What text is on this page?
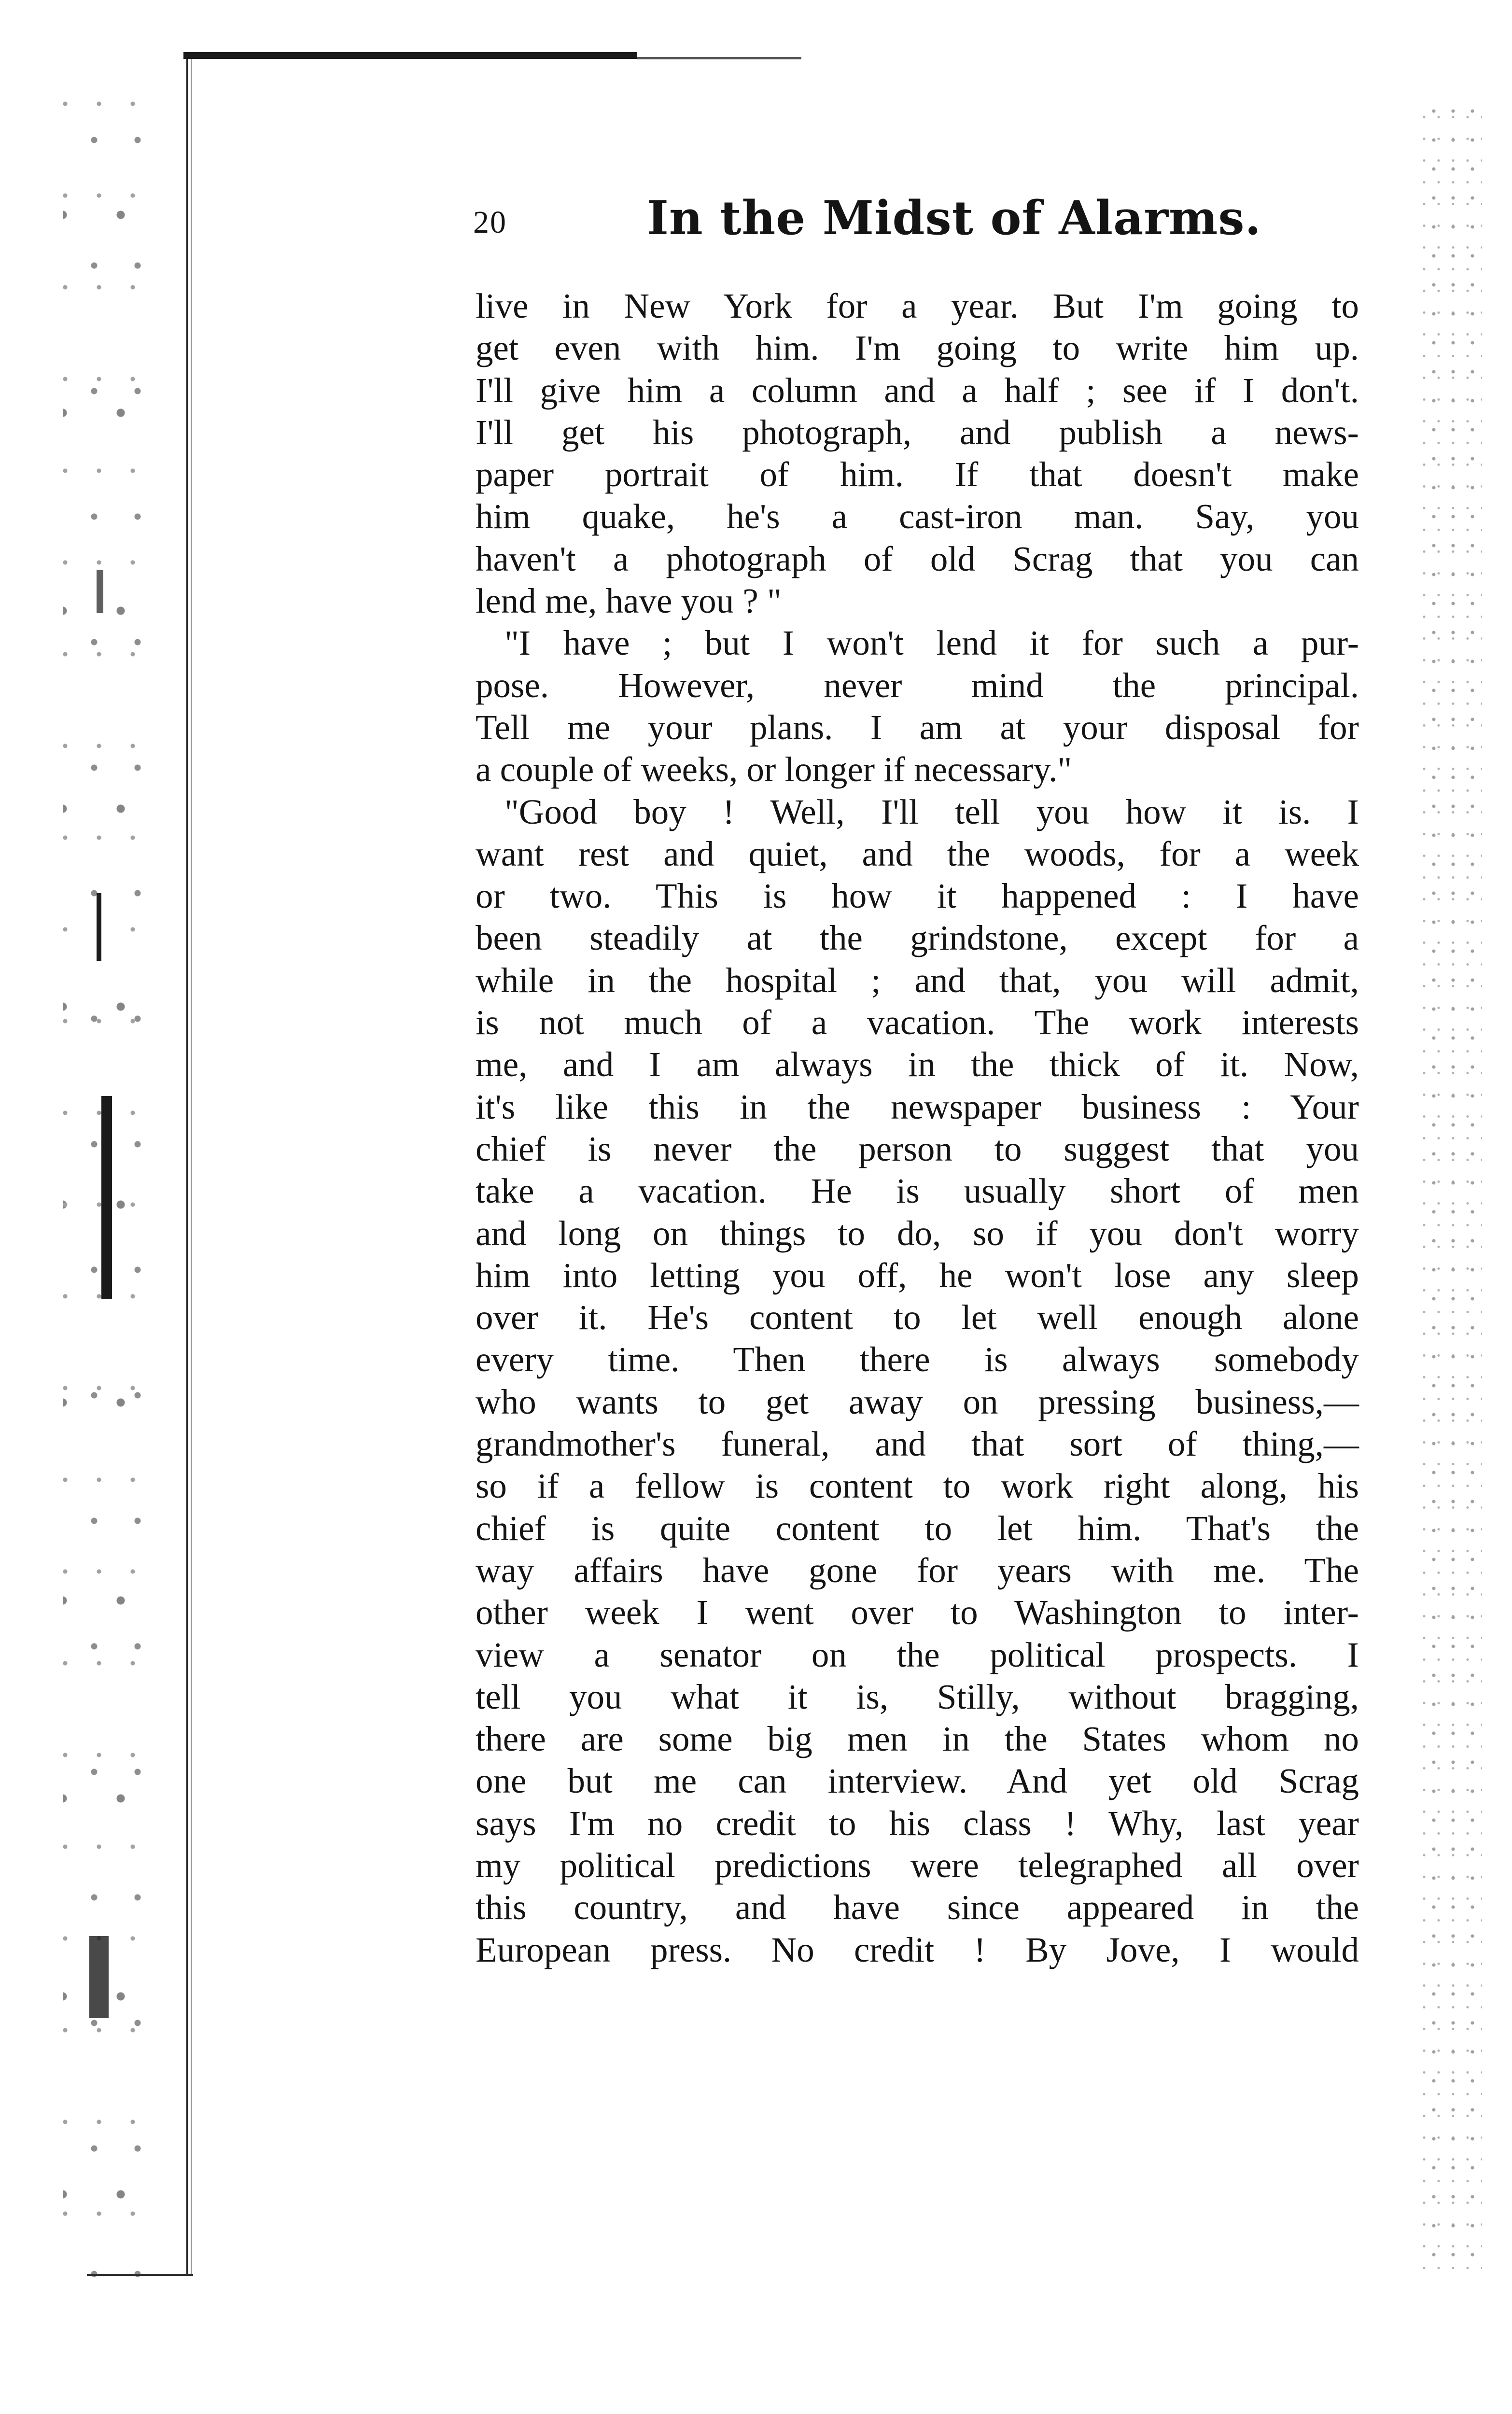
20	In the Midst of Alarms.
live in New York for a year. But I'm going to
get even with him. I'm going to write him up.
I'll give him a column and a half ; see if I don't.
I'll get his photograph, and publish a news-
paper portrait of him. If that doesn't make
him quake, he's a cast-iron man. Say, you
haven't a photograph of old Scrag that you can
lend me, have you ? "
"I have ; but I won't lend it for such a pur-
pose. However, never mind the principal.
Tell me your plans. I am at your disposal for
a couple of weeks, or longer if necessary."
"Good boy ! Well, I'll tell you how it is. I
want rest and quiet, and the woods, for a week
or two. This is how it happened : I have
been steadily at the grindstone, except for a
while in the hospital ; and that, you will admit,
is not much of a vacation. The work interests
me, and I am always in the thick of it. Now,
it's like this in the newspaper business : Your
chief is never the person to suggest that you
take a vacation. He is usually short of men
and long on things to do, so if you don't worry
him into letting you off, he won't lose any sleep
over it. He's content to let well enough alone
every time. Then there is always somebody
who wants to get away on pressing business,—
grandmother's funeral, and that sort of thing,—
so if a fellow is content to work right along, his
chief is quite content to let him. That's the
way affairs have gone for years with me. The
other week I went over to Washington to inter-
view a senator on the political prospects. I
tell you what it is, Stilly, without bragging,
there are some big men in the States whom no
one but me can interview. And yet old Scrag
says I'm no credit to his class ! Why, last year
my political predictions were telegraphed all over
this country, and have since appeared in the
European press. No credit ! By Jove, I would
